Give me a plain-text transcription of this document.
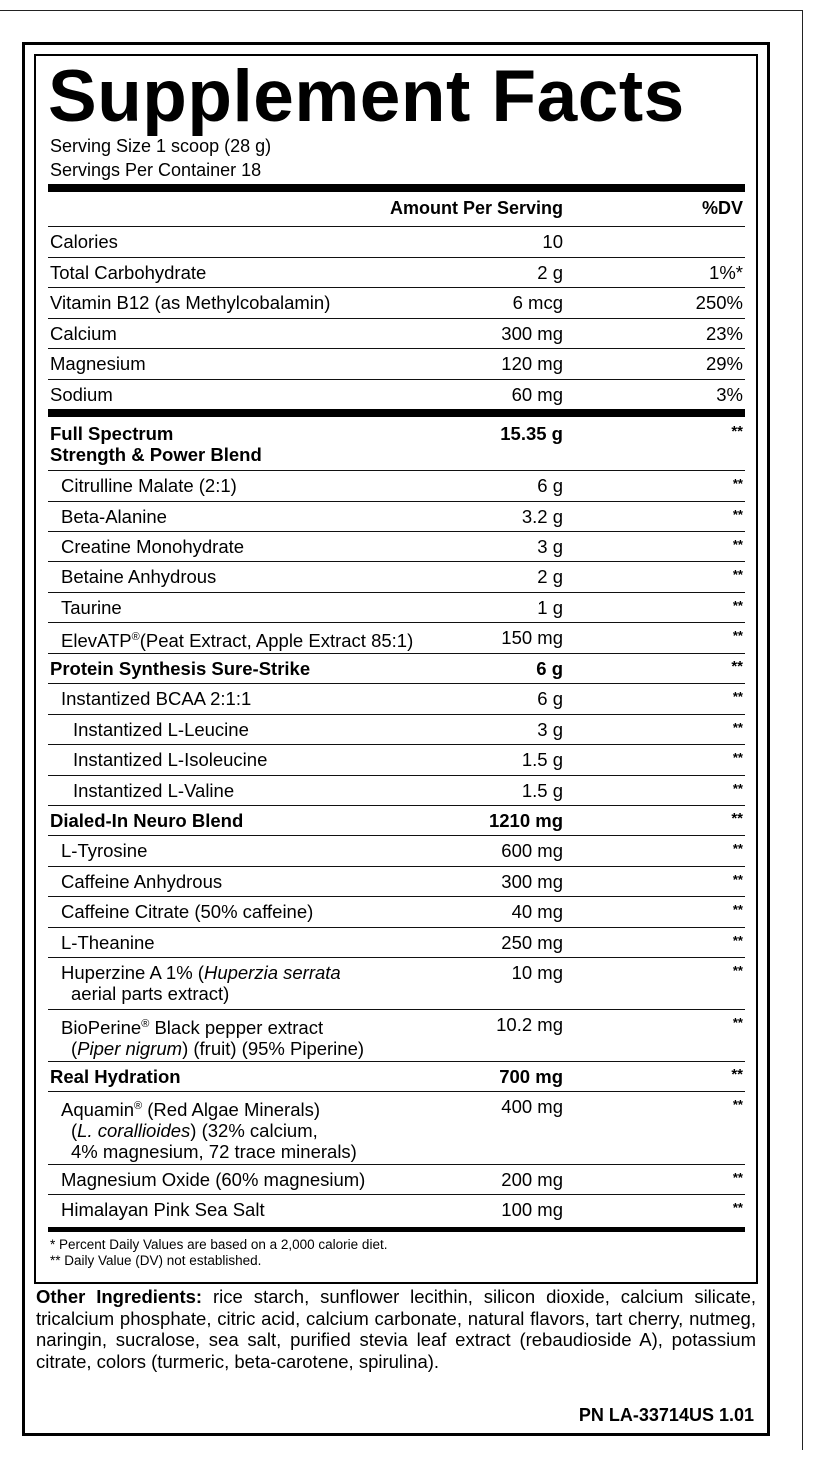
Supplement Facts
Serving Size 1 scoop (28 g)
Servings Per Container 18
Amount Per Serving	%DV
Calories	10
Total Carbohydrate	2 g	1%*
Vitamin B12 (as Methylcobalamin)	6 mcg	250%
Calcium	300 mg	23%
Magnesium	120 mg	29%
Sodium	60 mg	3%
Full Spectrum
Strength & Power Blend
15.35 g	**
Citrulline Malate (2:1)	6 g	**
Beta-Alanine	3.2 g	**
Creatine Monohydrate	3 g	**
Betaine Anhydrous	2 g	**
Taurine	1 g	**
ElevATP®(Peat Extract, Apple Extract 85:1)	150 mg	**
Protein Synthesis Sure-Strike	6 g	**
Instantized BCAA 2:1:1	6 g	**
Instantized L-Leucine	3 g	**
Instantized L-Isoleucine	1.5 g	**
Instantized L-Valine	1.5 g	**
Dialed-In Neuro Blend	1210 mg	**
L-Tyrosine	600 mg	**
Caffeine Anhydrous	300 mg	**
Caffeine Citrate (50% caffeine)	40 mg	**
L-Theanine	250 mg	**
Huperzine A 1% (Huperzia serrata
aerial parts extract)
10 mg	**
BioPerine® Black pepper extract
(Piper nigrum) (fruit) (95% Piperine)
10.2 mg	**
Real Hydration	700 mg	**
Aquamin® (Red Algae Minerals)
(L. corallioides) (32% calcium,
4% magnesium, 72 trace minerals)
400 mg	**
Magnesium Oxide (60% magnesium)	200 mg	**
Himalayan Pink Sea Salt	100 mg	**
* Percent Daily Values are based on a 2,000 calorie diet.
** Daily Value (DV) not established.
Other Ingredients: rice starch, sunflower lecithin, silicon dioxide, calcium silicate, tricalcium phosphate, citric acid, calcium carbonate, natural flavors, tart cherry, nutmeg, naringin, sucralose, sea salt, purified stevia leaf extract (rebaudioside A), potassium citrate, colors (turmeric, beta-carotene, spirulina).
PN LA-33714US 1.01
